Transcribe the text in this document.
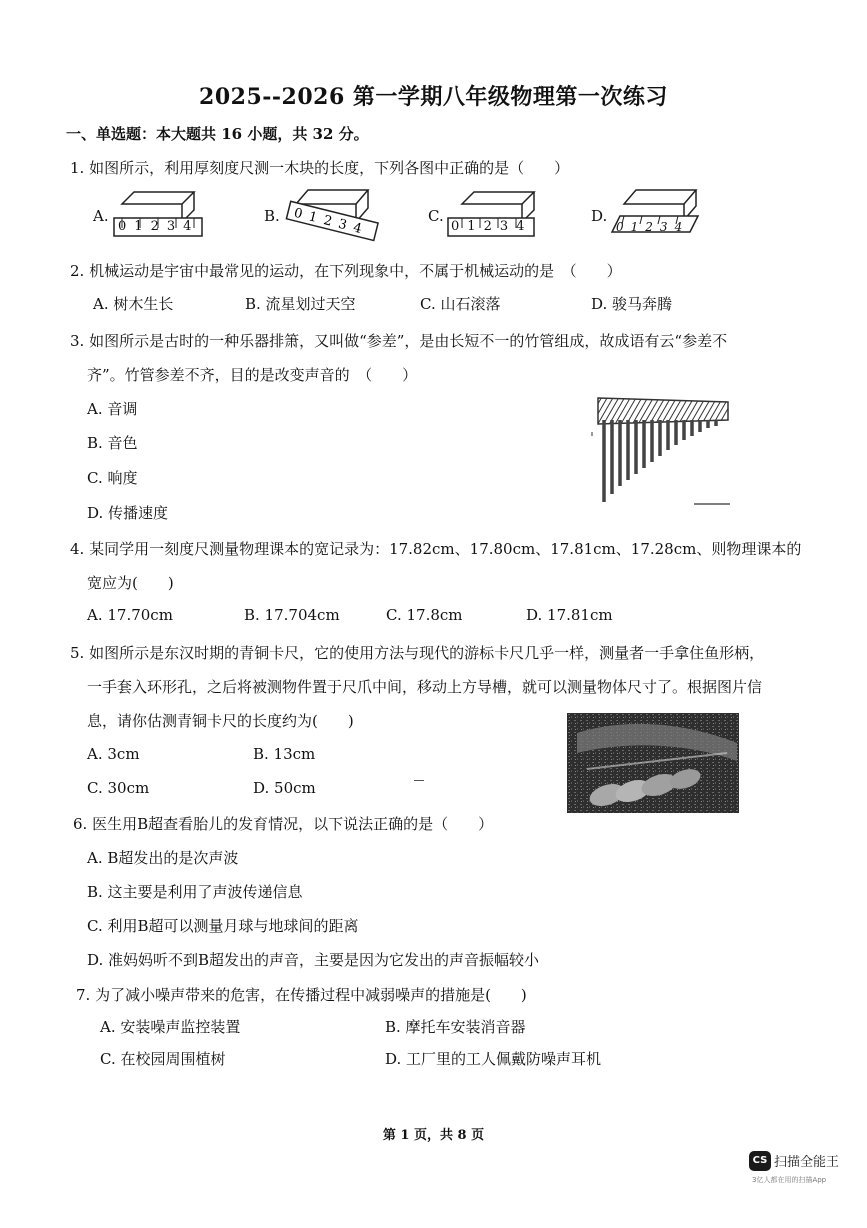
2025--2026 第一学期八年级物理第一次练习
一、单选题：本大题共 16 小题，共 32 分。
1. 如图所示，利用厚刻度尺测一木块的长度，下列各图中正确的是（　　）
A.
01234
B. 01234	C.
01234
D.
01234
2. 机械运动是宇宙中最常见的运动，在下列现象中，不属于机械运动的是　（　　）
A. 树木生长	B. 流星划过天空	C. 山石滚落	D. 骏马奔腾
3. 如图所示是古时的一种乐器排箫，又叫做“参差”，是由长短不一的竹管组成，故成语有云“参差不
齐”。竹管参差不齐，目的是改变声音的　（　　）
A. 音调
B. 音色
C. 响度
D. 传播速度
4. 某同学用一刻度尺测量物理课本的宽记录为：17.82cm、17.80cm、17.81cm、17.28cm、则物理课本的
宽应为(　　)
A. 17.70cm	B. 17.704cm	C. 17.8cm	D. 17.81cm
5. 如图所示是东汉时期的青铜卡尺，它的使用方法与现代的游标卡尺几乎一样，测量者一手拿住鱼形柄，
一手套入环形孔，之后将被测物件置于尺爪中间，移动上方导槽，就可以测量物体尺寸了。根据图片信
息，请你估测青铜卡尺的长度约为(　　)
A. 3cm	B. 13cm
C. 30cm	D. 50cm
6. 医生用B超查看胎儿的发育情况，以下说法正确的是（　　）
A. B超发出的是次声波
B. 这主要是利用了声波传递信息
C. 利用B超可以测量月球与地球间的距离
D. 准妈妈听不到B超发出的声音，主要是因为它发出的声音振幅较小
7. 为了减小噪声带来的危害，在传播过程中减弱噪声的措施是(　　)
A. 安装噪声监控装置	B. 摩托车安装消音器
C. 在校园周围植树	D. 工厂里的工人佩戴防噪声耳机
第 1 页，共 8 页
CS 扫描全能王
3亿人都在用的扫描App
